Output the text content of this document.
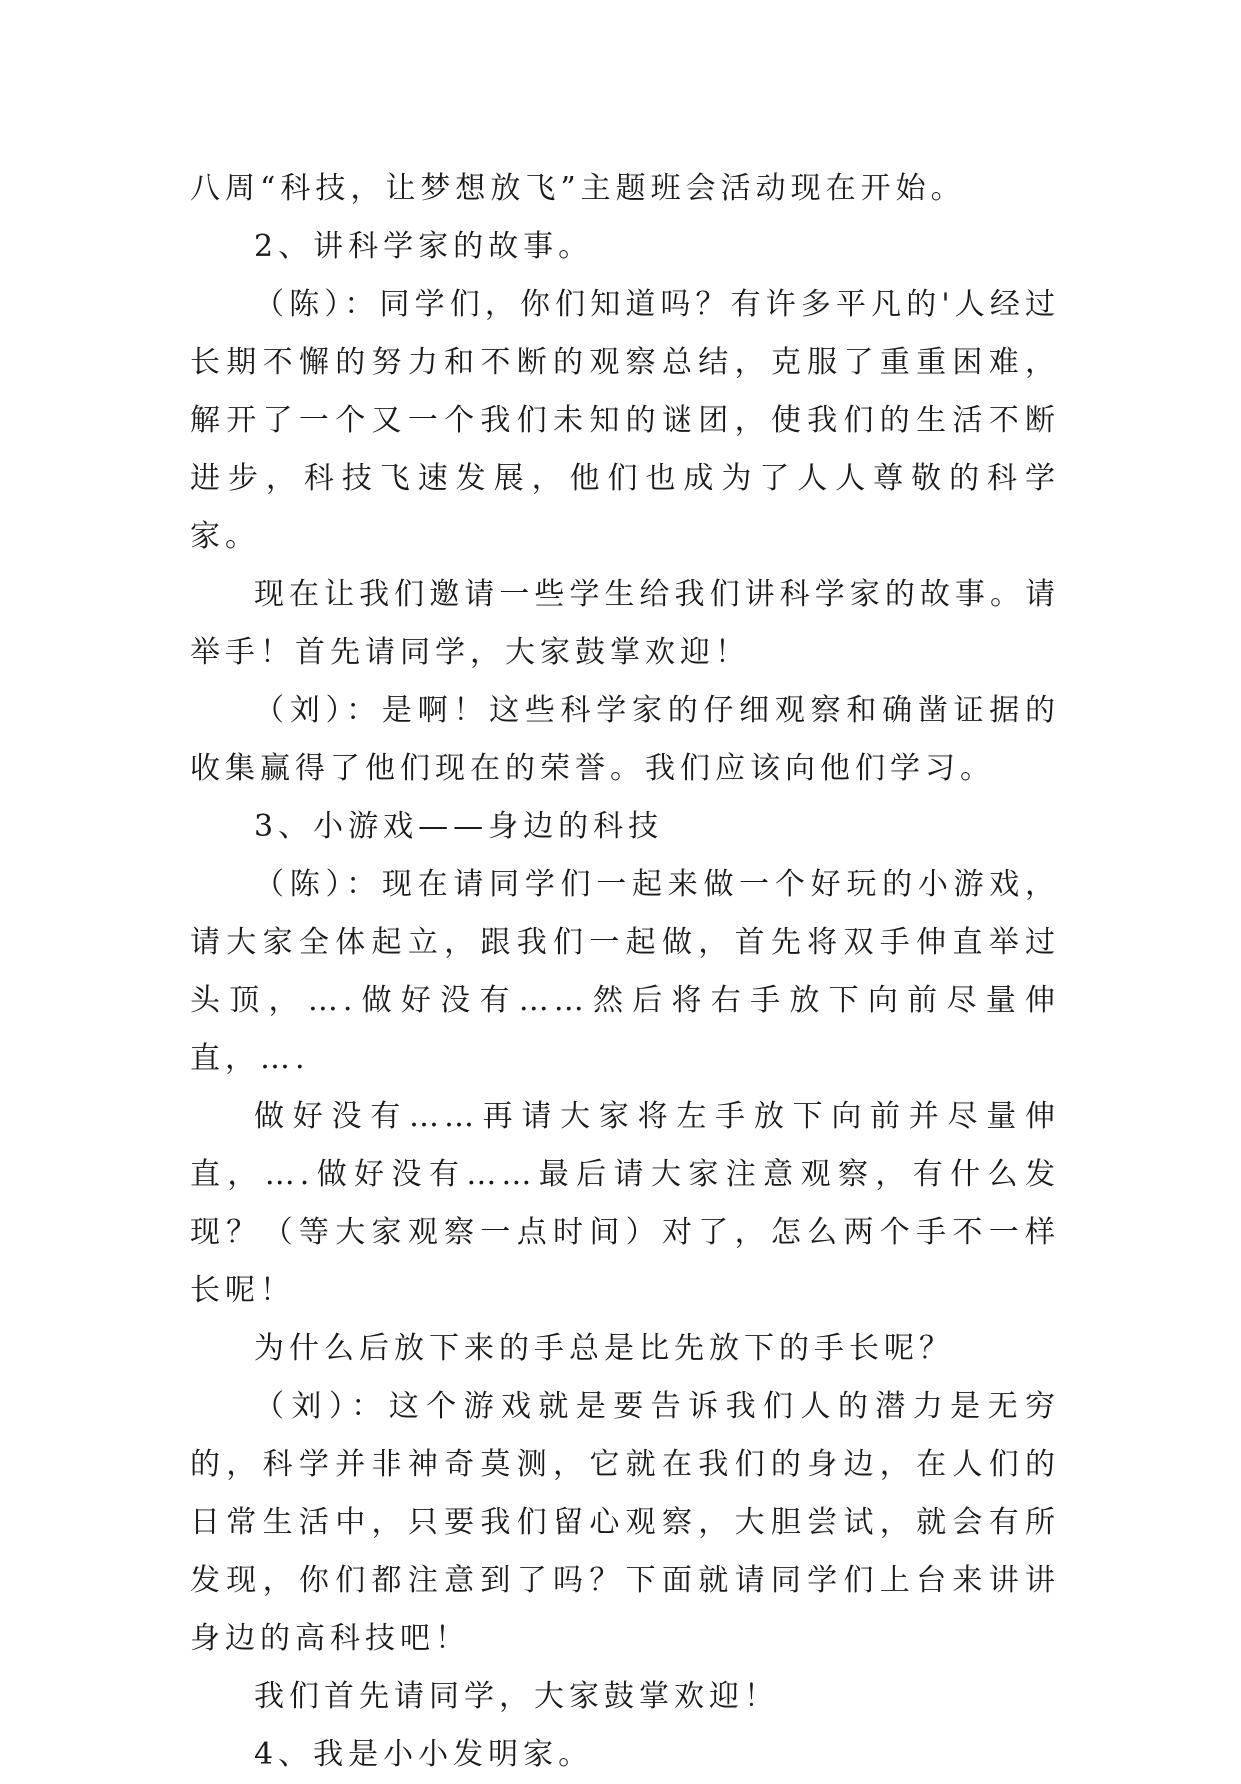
八周“科技，让梦想放飞”主题班会活动现在开始。

2、讲科学家的故事。

（陈）：同学们，你们知道吗？有许多平凡的'人经过长期不懈的努力和不断的观察总结，克服了重重困难，解开了一个又一个我们未知的谜团，使我们的生活不断进步，科技飞速发展，他们也成为了人人尊敬的科学家。

现在让我们邀请一些学生给我们讲科学家的故事。请举手！首先请同学，大家鼓掌欢迎！

（刘）：是啊！这些科学家的仔细观察和确凿证据的收集赢得了他们现在的荣誉。我们应该向他们学习。

3、小游戏——身边的科技

（陈）：现在请同学们一起来做一个好玩的小游戏，请大家全体起立，跟我们一起做，首先将双手伸直举过头顶，….做好没有……然后将右手放下向前尽量伸直，….

做好没有……再请大家将左手放下向前并尽量伸直，….做好没有……最后请大家注意观察，有什么发现？（等大家观察一点时间）对了，怎么两个手不一样长呢！

为什么后放下来的手总是比先放下的手长呢？

（刘）：这个游戏就是要告诉我们人的潜力是无穷的，科学并非神奇莫测，它就在我们的身边，在人们的日常生活中，只要我们留心观察，大胆尝试，就会有所发现，你们都注意到了吗？下面就请同学们上台来讲讲身边的高科技吧！

我们首先请同学，大家鼓掌欢迎！

4、我是小小发明家。
